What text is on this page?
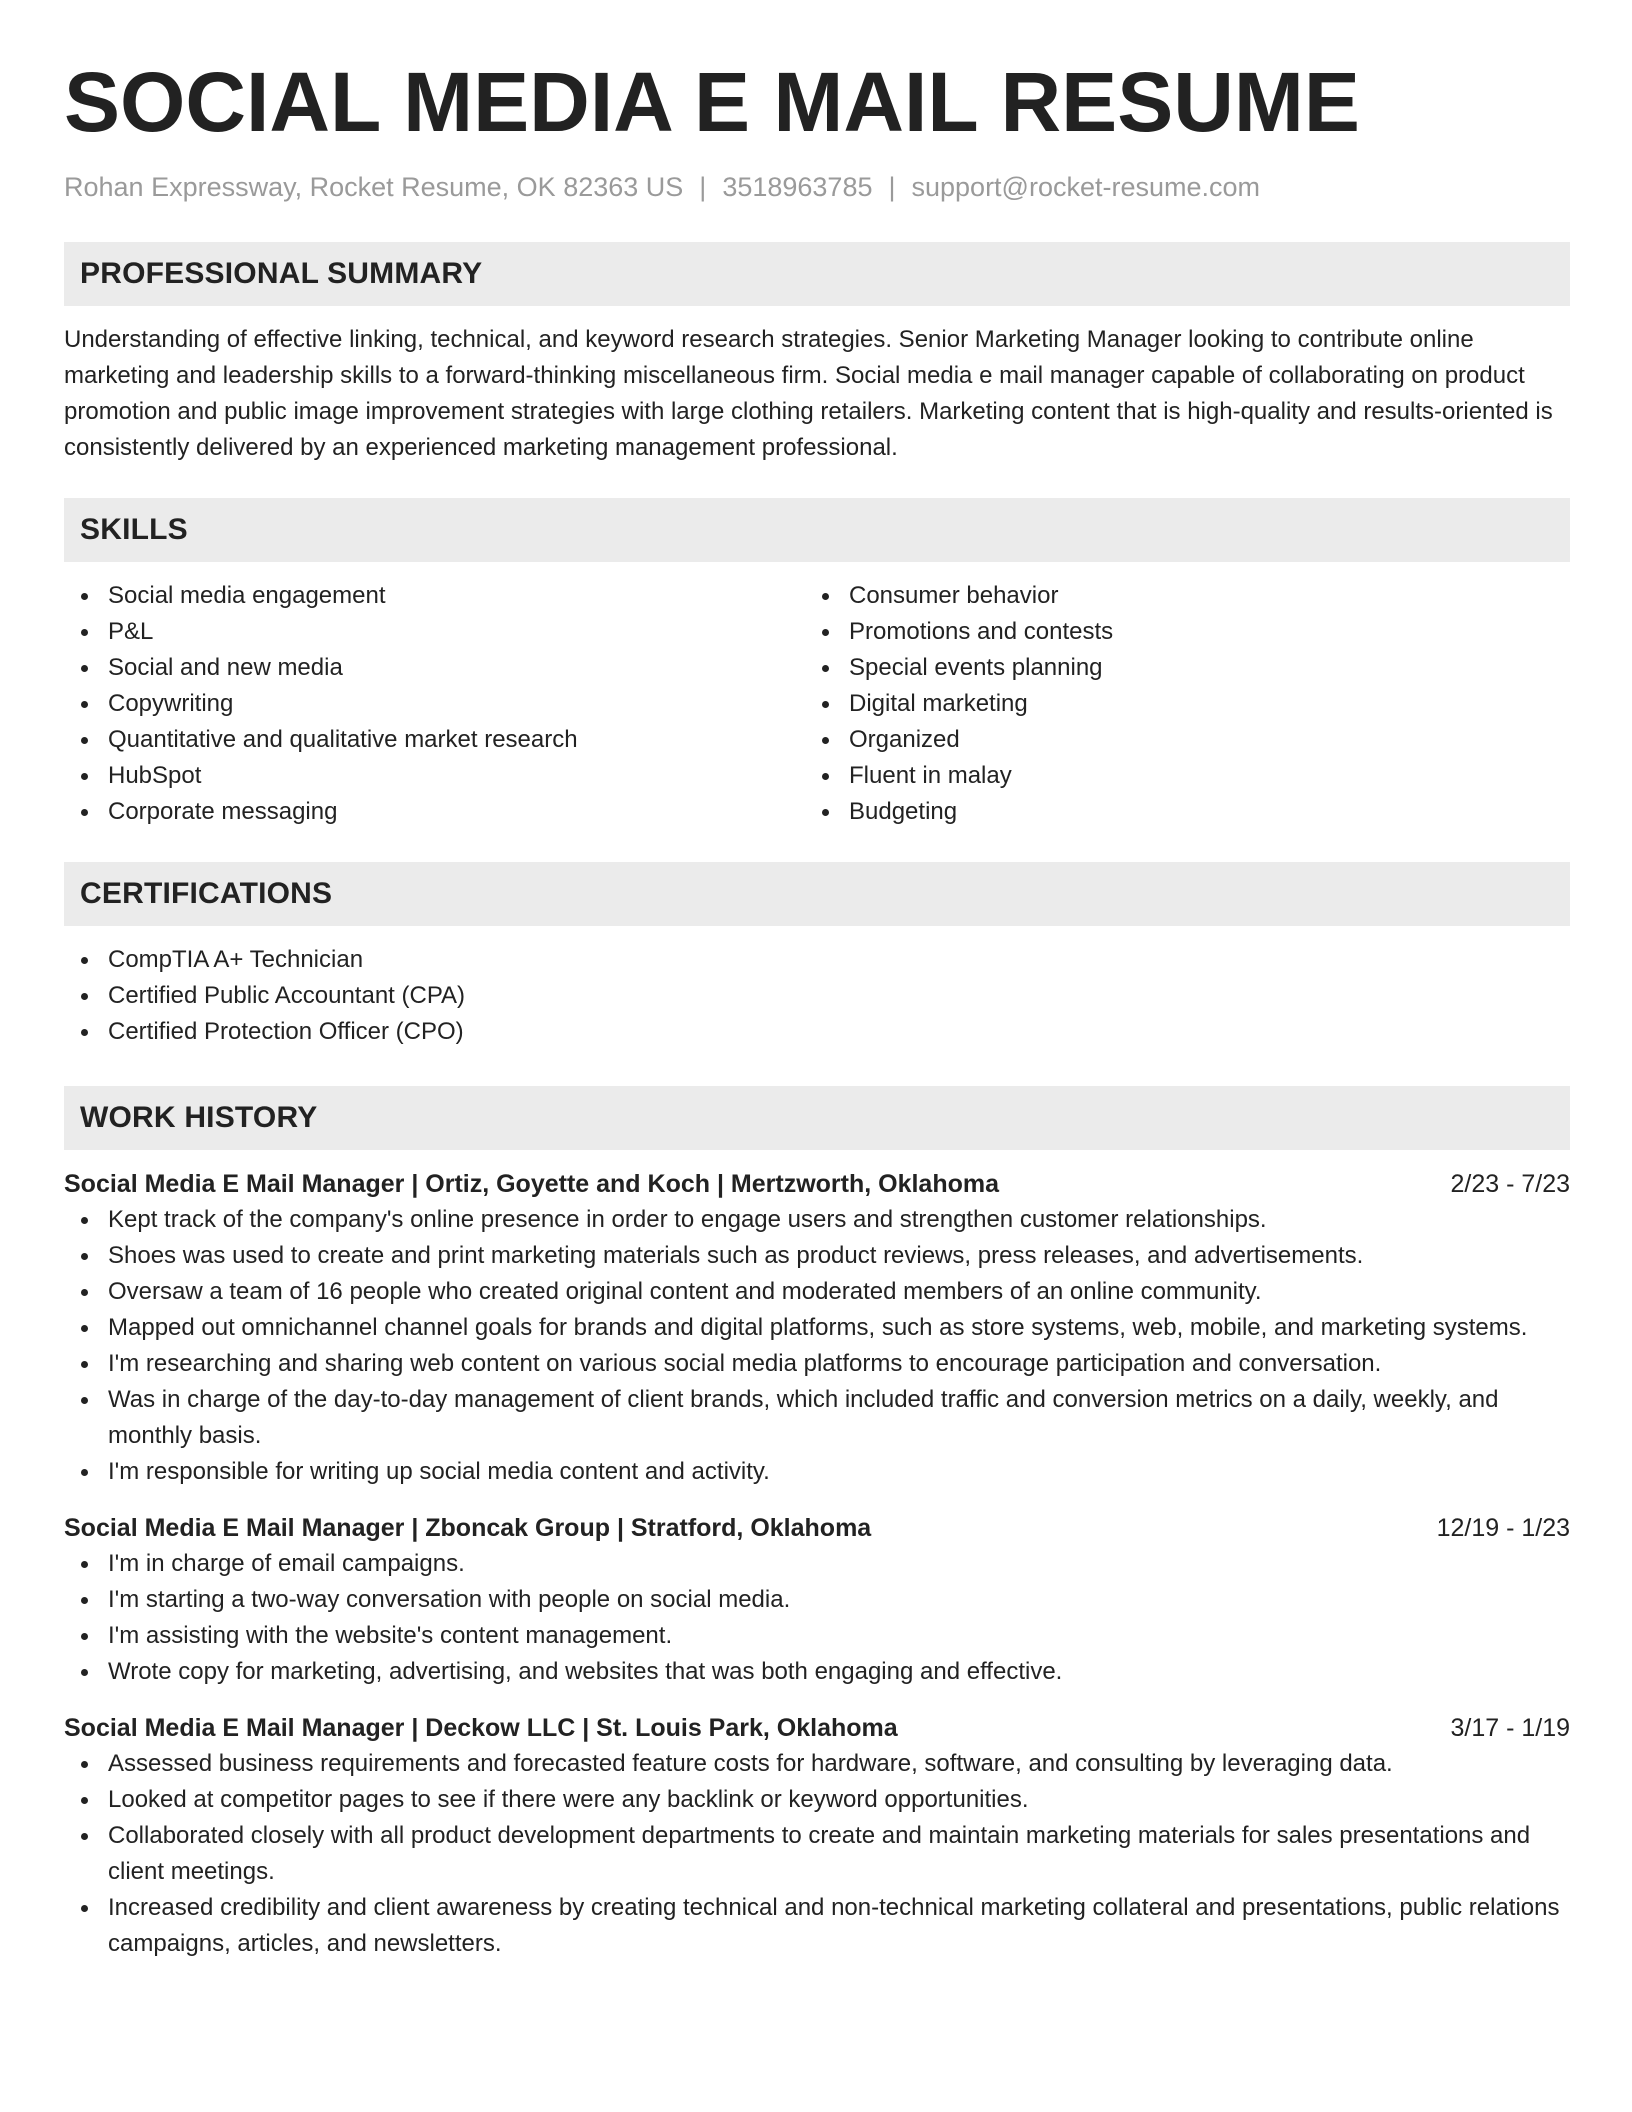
SOCIAL MEDIA E MAIL RESUME
Rohan Expressway, Rocket Resume, OK 82363 US | 3518963785 | support@rocket-resume.com
PROFESSIONAL SUMMARY

Understanding of effective linking, technical, and keyword research strategies. Senior Marketing Manager looking to contribute online marketing and leadership skills to a forward-thinking miscellaneous firm. Social media e mail manager capable of collaborating on product promotion and public image improvement strategies with large clothing retailers. Marketing content that is high-quality and results-oriented is consistently delivered by an experienced marketing management professional.

SKILLS
Social media engagement
P&L
Social and new media
Copywriting
Quantitative and qualitative market research
HubSpot
Corporate messaging
Consumer behavior
Promotions and contests
Special events planning
Digital marketing
Organized
Fluent in malay
Budgeting
CERTIFICATIONS
CompTIA A+ Technician
Certified Public Accountant (CPA)
Certified Protection Officer (CPO)
WORK HISTORY
Social Media E Mail Manager | Ortiz, Goyette and Koch | Mertzworth, Oklahoma	2/23 - 7/23
Kept track of the company's online presence in order to engage users and strengthen customer relationships.
Shoes was used to create and print marketing materials such as product reviews, press releases, and advertisements.
Oversaw a team of 16 people who created original content and moderated members of an online community.
Mapped out omnichannel channel goals for brands and digital platforms, such as store systems, web, mobile, and marketing systems.
I'm researching and sharing web content on various social media platforms to encourage participation and conversation.
Was in charge of the day-to-day management of client brands, which included traffic and conversion metrics on a daily, weekly, and monthly basis.
I'm responsible for writing up social media content and activity.
Social Media E Mail Manager | Zboncak Group | Stratford, Oklahoma	12/19 - 1/23
I'm in charge of email campaigns.
I'm starting a two-way conversation with people on social media.
I'm assisting with the website's content management.
Wrote copy for marketing, advertising, and websites that was both engaging and effective.
Social Media E Mail Manager | Deckow LLC | St. Louis Park, Oklahoma	3/17 - 1/19
Assessed business requirements and forecasted feature costs for hardware, software, and consulting by leveraging data.
Looked at competitor pages to see if there were any backlink or keyword opportunities.
Collaborated closely with all product development departments to create and maintain marketing materials for sales presentations and client meetings.
Increased credibility and client awareness by creating technical and non-technical marketing collateral and presentations, public relations campaigns, articles, and newsletters.
